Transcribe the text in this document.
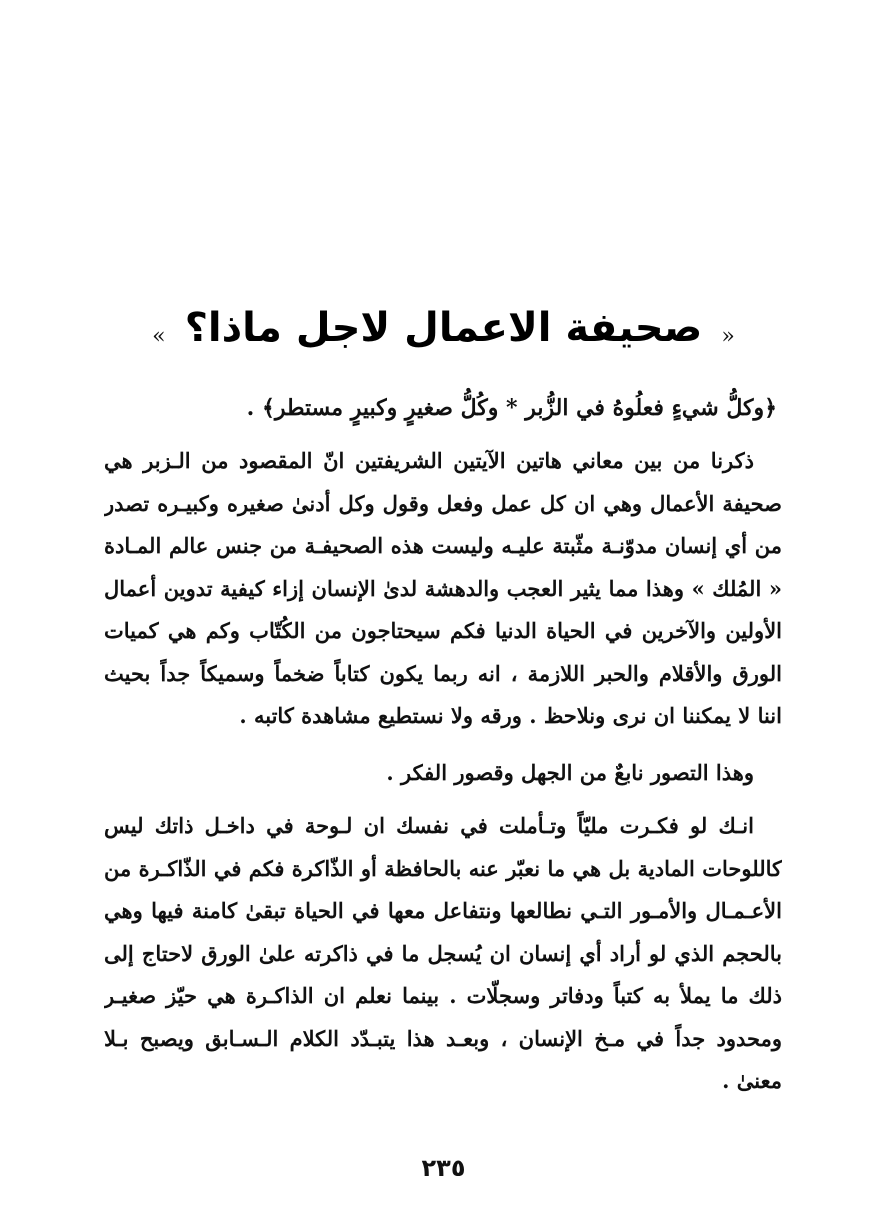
« صحيفة الاعمال لاجل ماذا؟ »
﴿وكلُّ شيءٍ فعلُوهُ في الزُّبر * وكُلُّ صغيرٍ وكبيرٍ مستطر﴾ .
ذكرنا من بين معاني هاتين الآيتين الشريفتين انّ المقصود من الـزبر هي
صحيفة الأعمال وهي ان كل عمل وفعل وقول وكل أدنىٰ صغيره وكبيـره تصدر
من أي إنسان مدوّنـة مثّبتة عليـه وليست هذه الصحيفـة من جنس عالم المـادة
« المُلك » وهذا مما يثير العجب والدهشة لدىٰ الإنسان إزاء كيفية تدوين أعمال
الأولين والآخرين في الحياة الدنيا فكم سيحتاجون من الكُتّاب وكم هي كميات
الورق والأقلام والحبر اللازمة ، انه ربما يكون كتاباً ضخماً وسميكاً جداً بحيث
اننا لا يمكننا ان نرى ونلاحظ . ورقه ولا نستطيع مشاهدة كاتبه .
وهذا التصور نابعٌ من الجهل وقصور الفكر .
انـك لو فكـرت مليّاً وتـأملت في نفسك ان لـوحة في داخـل ذاتك ليس
كاللوحات المادية بل هي ما نعبّر عنه بالحافظة أو الذّاكرة فكم في الذّاكـرة من
الأعـمـال والأمـور التـي نطالعها ونتفاعل معها في الحياة تبقىٰ كامنة فيها وهي
بالحجم الذي لو أراد أي إنسان ان يُسجل ما في ذاكرته علىٰ الورق لاحتاج إلى
ذلك ما يملأ به كتباً ودفاتر وسجلّات . بينما نعلم ان الذاكـرة هي حيّز صغيـر
ومحدود جداً في مـخ الإنسان ، وبعـد هذا يتبـدّد الكلام الـسـابق ويصبح بـلا
معنىٰ .
٢٣٥
